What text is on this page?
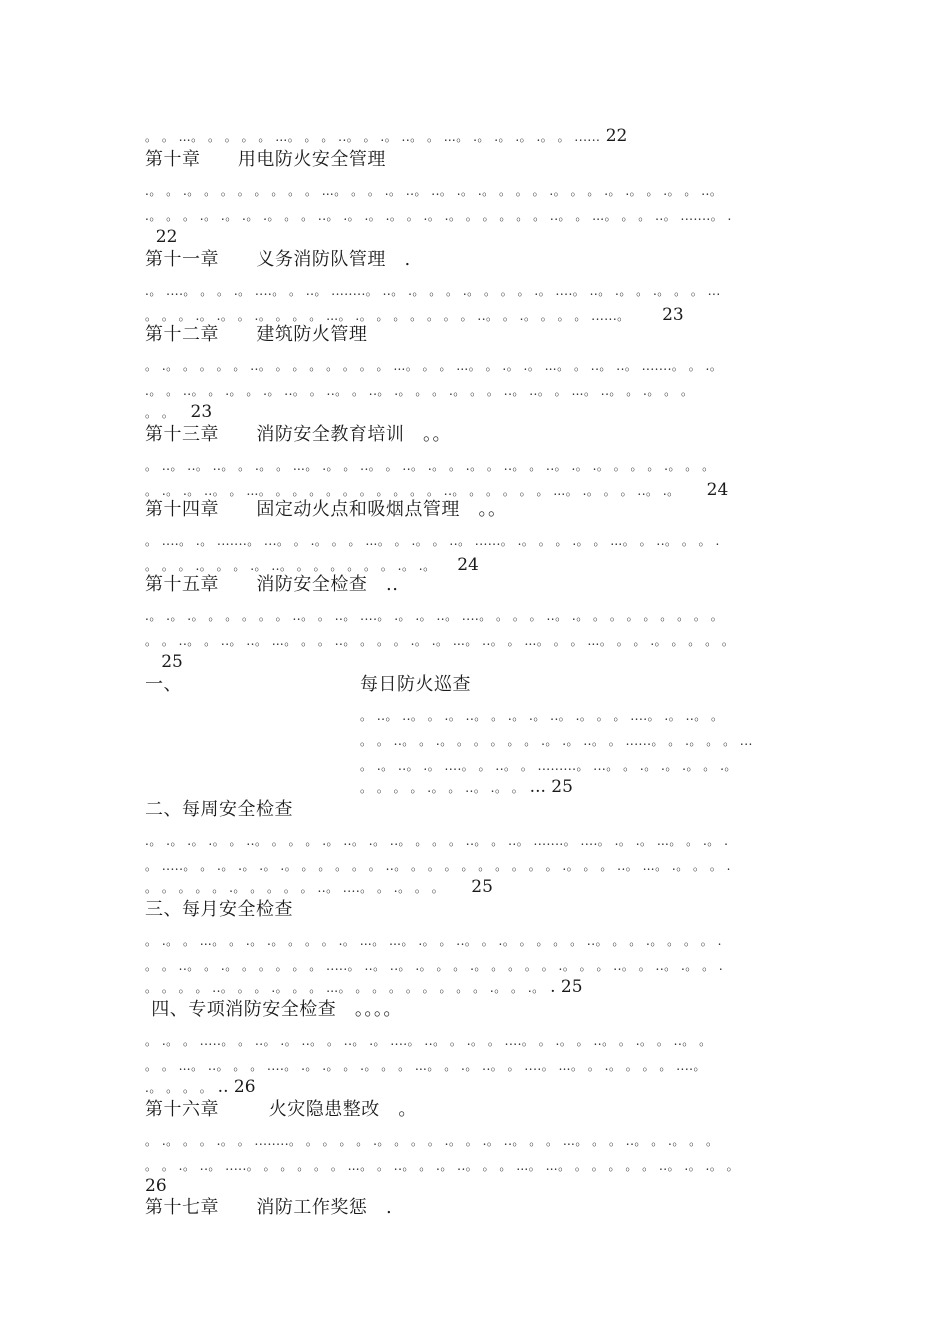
。 。 …。 。 。 。 。 …。 。 。 ..。 。 .。 ..。 。 …。 .。 .。 .。 .。 。 ...... 22
第十章      用电防火安全管理
.。 。 .。 。 。 。 。 。 。 。 …。 。 。 .。 ..。 ..。 .。 .。 。 。 。 .。 。 。 .。 .。 。 .。 。 ..。
.。 。 。 .。 .。 .。 .。 。 。 ..。 .。 .。 .。 。 .。 .。 。 。 。 。 。 ..。 。 …。 。 。 ..。 .......。 .
22
第十一章      义务消防队管理   .
.。 ....。 。 。 .。 ....。 。 ..。 ........。 ..。 .。 。 。 .。 。 。 。 .。 ....。 ..。 .。 。 .。 。 。 ...
。 。 。 .。 .。 。 .。 。 。 。 …。 .。 。 。 。 。 。 。 ..。 。 .。 。 。 。 ......。      23
第十二章      建筑防火管理
。 .。 。 。 。 。 ..。 。 。 。 。 。 。 。 …。 。 。 …。 。 .。 .。 …。 。 ..。 ..。 .......。 。 .。
.。 。 ..。 。 .。 。 .。 ..。 。 ..。 。 ..。 .。 。 。 .。 。 。 ..。 ..。 。 …。 ..。 。 .。 。 。
。 。   23
第十三章      消防安全教育培训   。。
。 ..。 ..。 ..。 。 .。 。 …。 .。 。 ..。 。 ..。 .。 。 .。 。 ..。 。 ..。 .。 .。 。 。 。 .。 。 。
。 .。 .。 ..。 。 …。 。 。 。 。 。 。 。 。 。 。 ..。 。 。 。 。 。 …。 .。 。 。 ..。 .。     24
第十四章      固定动火点和吸烟点管理   。。
。 ....。 .。 .......。 ...。 。 .。 。 。 …。 。 .。 。 ..。 ......。 .。 。 。 .。 。 …。 。 ..。 。 。 .
。 。 。 .。 。 。 .。 ..。 。 。 。 。 。 。 .。 .。    24
第十五章      消防安全检查   ..
.。 .。 .。 。 。 。 。 。 ..。 。 ..。 ....。 .。 .。 ..。 ....。 。 。 。 ..。 .。 。 。 。 。 。 。 。 。
。 。 ..。 。 ..。 ..。 …。 。 。 ..。 。 。 。 .。 .。 …。 ..。 。 …。 。 。 …。 。 。 .。 。 。 。 。
25
一、
。 ..。 ..。 。 .。 ..。 。 .。 .。 ..。 .。 。 。 ....。 .。 ..。 。
。 。 ..。 。 .。 。 。 。 。 。 .。 .。 ..。 。 ......。 。 .。 。 。 ...
。 .。 ..。 .。 ....。 。 ..。 。 .........。 ...。 。 .。 .。 .。 。 .。
。 。 。 。 .。 。 ..。 .。 。 ... 25
二、每周安全检查
.。 .。 .。 .。 。 ..。 。 。 。 .。 ..。 .。 ..。 。 。 。 ..。 。 ..。 .......。 ....。 .。 .。 …。 。 .。 .
。 .....。 。 .。 .。 .。 .。 。 。 。 。 。 ..。 。 。 。 。 。 。 。 。 。 .。 。 。 ..。 …。 .。 。 。 .
。 。 。 。 。 .。 。 。 。 。 ..。 ....。 。 .。 。 。     25
三、每月安全检查
。 .。 。 …。 。 .。 .。 。 。 。 .。 …。 …。 .。 。 ..。 。 .。 。 。 。 。 ..。 。 。 .。 。 。 。 .
。 。 ..。 。 .。 。 。 。 。 。 .....。 ..。 ..。 .。 。 。 .。 。 。 。 。 .。 。 。 ..。 。 ..。 .。 。 .
。 。 。 。 ..。 。 。 .。 。 。 …。 。 。 。 。 。 。 。 。 .。 。 .。 . 25
四、专项消防安全检查   。。。。
。 .。 。 .....。 。 ..。 .。 ..。 。 ..。 .。 ....。 ..。 。 .。 。 ....。 。 .。 。 ..。 。 .。 。 ..。 。
。 。 …。 ..。 。 。 ....。 .。 .。 。 .。 。 。 …。 。 .。 ..。 。 ....。 …。 。 .。 。 。 。 ....。
.。 。 。 。 .. 26
第十六章        火灾隐患整改   。
。 .。 。 。 .。 。 ........。 。 。 。 。 .。 。 。 。 .。 。 .。 ..。 。 。 …。 。 。 ..。 。 .。 。 。
。 。 .。 ..。 .....。 。 。 。 。 。 …。 。 ..。 。 .。 ..。 。 。 …。 …。 。 。 。 。 。 ..。 .。 .。 。
26
第十七章      消防工作奖惩   .
每日防火巡查
